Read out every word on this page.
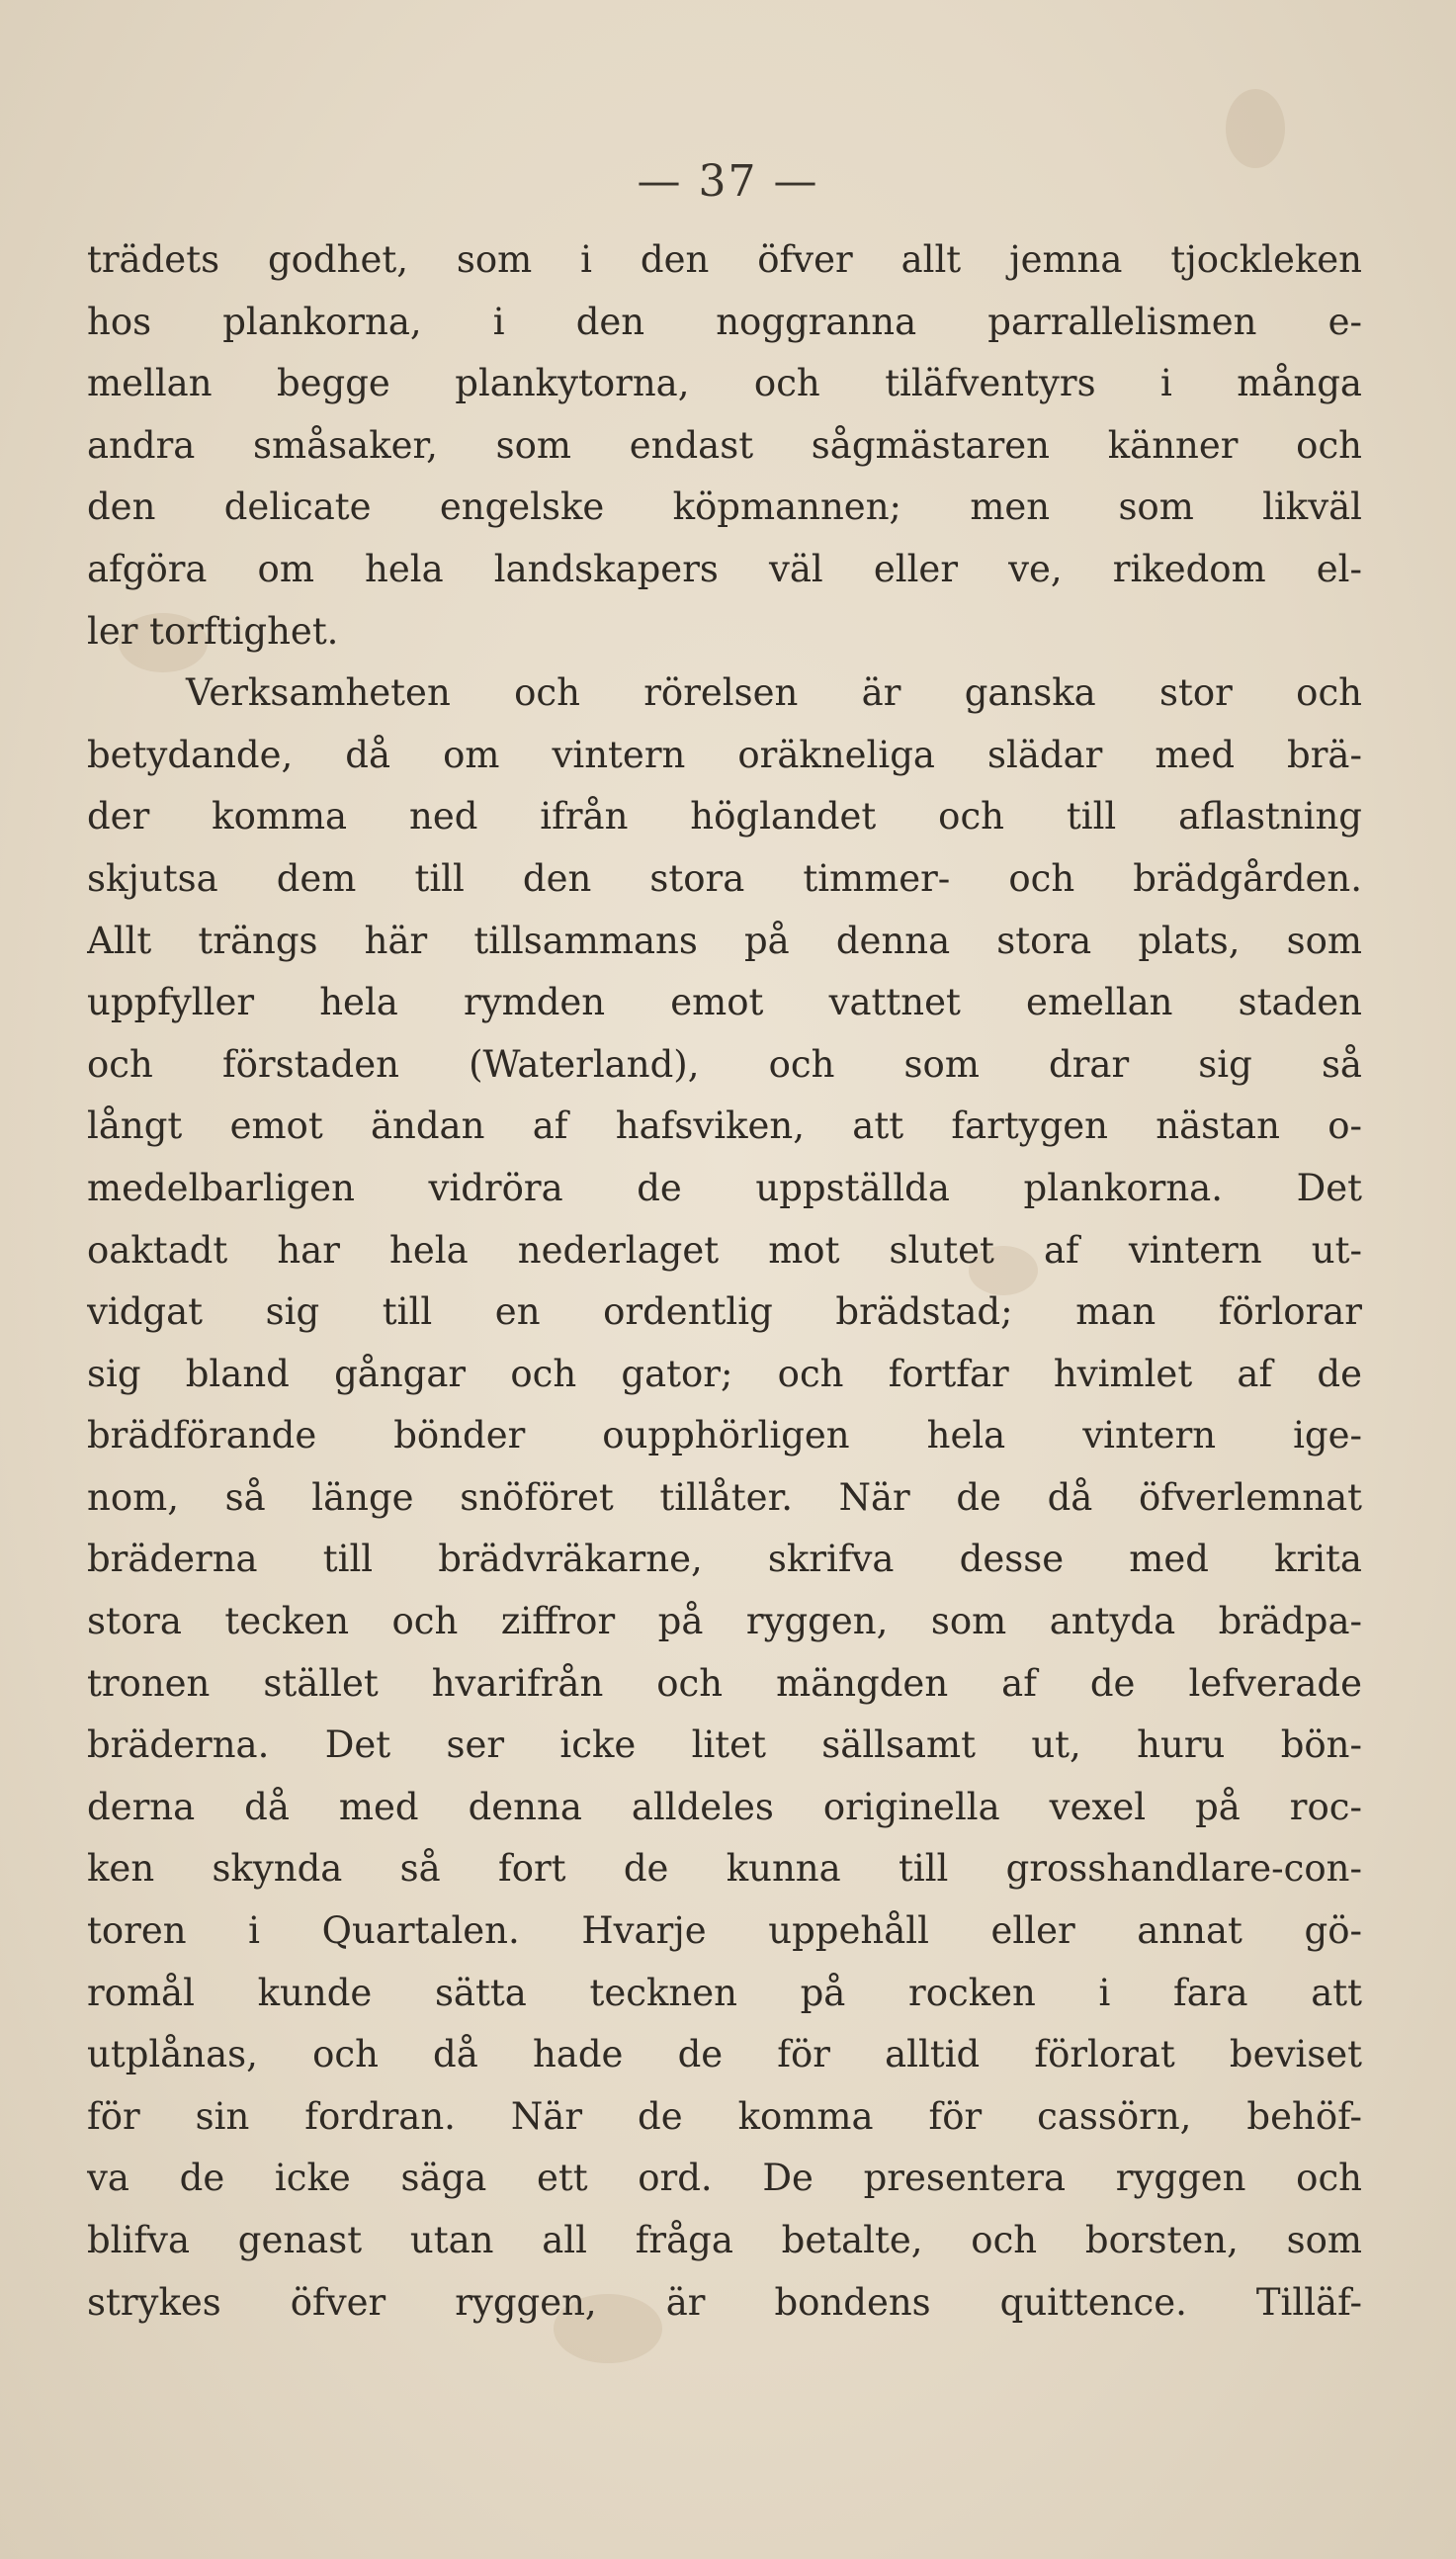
— 37 —
trädets godhet, som i den öfver allt jemna tjockleken
hos plankorna, i den noggranna parrallelismen e-
mellan begge plankytorna, och tiläfventyrs i många
andra småsaker, som endast sågmästaren känner och
den delicate engelske köpmannen; men som likväl
afgöra om hela landskapers väl eller ve, rikedom el-
ler torftighet.
Verksamheten och rörelsen är ganska stor och
betydande, då om vintern oräkneliga slädar med brä-
der komma ned ifrån höglandet och till aflastning
skjutsa dem till den stora timmer- och brädgården.
Allt trängs här tillsammans på denna stora plats, som
uppfyller hela rymden emot vattnet emellan staden
och förstaden (Waterland), och som drar sig så
långt emot ändan af hafsviken, att fartygen nästan o-
medelbarligen vidröra de uppställda plankorna. Det
oaktadt har hela nederlaget mot slutet af vintern ut-
vidgat sig till en ordentlig brädstad; man förlorar
sig bland gångar och gator; och fortfar hvimlet af de
brädförande bönder oupphörligen hela vintern ige-
nom, så länge snöföret tillåter. När de då öfverlemnat
bräderna till brädvräkarne, skrifva desse med krita
stora tecken och ziffror på ryggen, som antyda brädpa-
tronen stället hvarifrån och mängden af de lefverade
bräderna. Det ser icke litet sällsamt ut, huru bön-
derna då med denna alldeles originella vexel på roc-
ken skynda så fort de kunna till grosshandlare-con-
toren i Quartalen. Hvarje uppehåll eller annat gö-
romål kunde sätta tecknen på rocken i fara att
utplånas, och då hade de för alltid förlorat beviset
för sin fordran. När de komma för cassörn, behöf-
va de icke säga ett ord. De presentera ryggen och
blifva genast utan all fråga betalte, och borsten, som
strykes öfver ryggen, är bondens quittence. Tilläf-
